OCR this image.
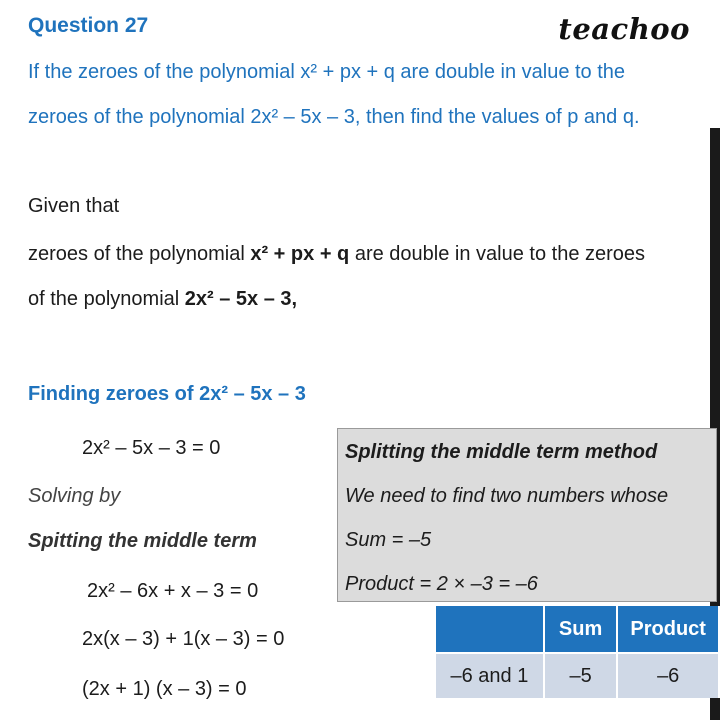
Question 27	teachoo
If the zeroes of the polynomial x² + px + q are double in value to the
zeroes of the polynomial 2x² – 5x – 3, then find the values of p and q.
Given that
zeroes of the polynomial x² + px + q are double in value to the zeroes
of the polynomial 2x² – 5x – 3,
Finding zeroes of 2x² – 5x – 3
2x² – 5x – 3 = 0
Solving by
Spitting the middle term
2x² – 6x + x – 3 = 0
2x(x – 3) + 1(x – 3) = 0
(2x + 1) (x – 3) = 0
Splitting the middle term method
We need to find two numbers whose
Sum = –5
Product = 2 × –3 = –6
	Sum	Product
–6 and 1	–5	–6
